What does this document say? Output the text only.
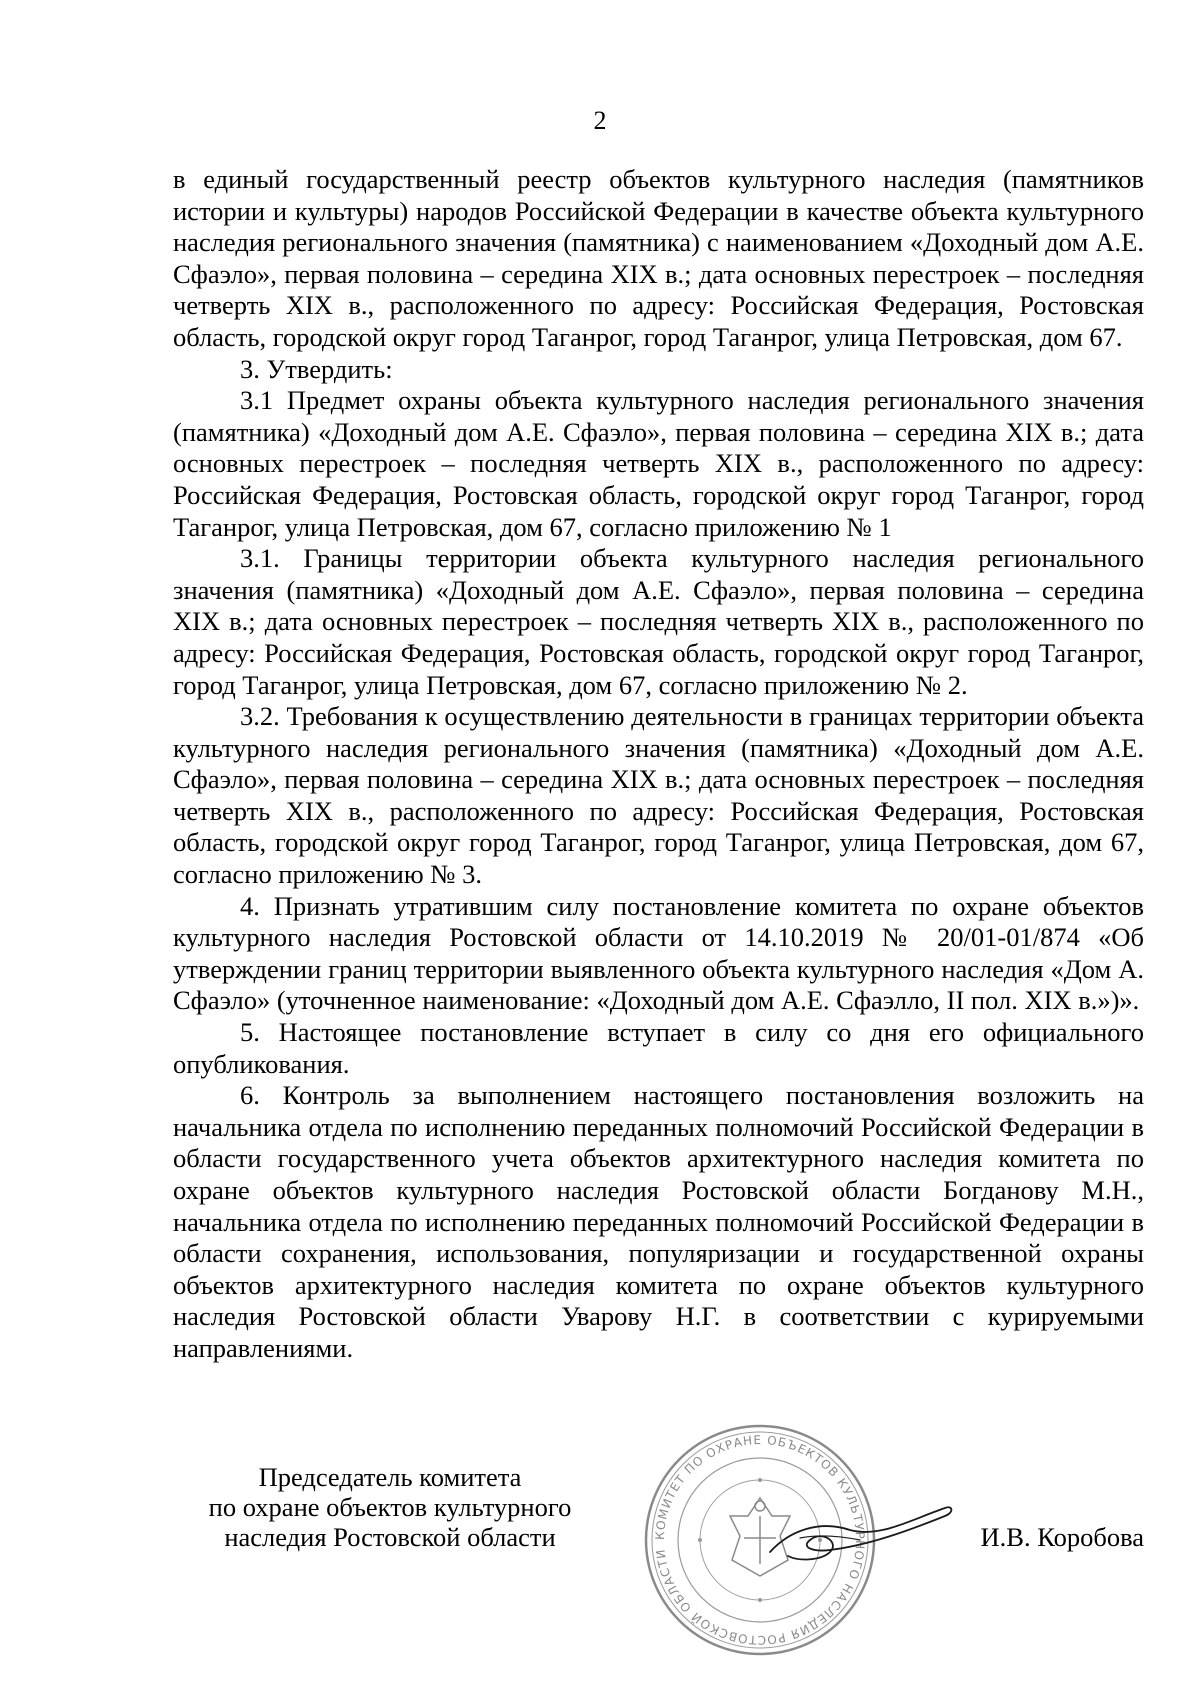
2

в единый государственный реестр объектов культурного наследия (памятников истории и культуры) народов Российской Федерации в качестве объекта культурного наследия регионального значения (памятника) с наименованием «Доходный дом А.Е. Сфаэло», первая половина – середина XIX в.; дата основных перестроек – последняя четверть XIX в., расположенного по адресу: Российская Федерация, Ростовская область, городской округ город Таганрог, город Таганрог, улица Петровская, дом 67.

3. Утвердить:

3.1 Предмет охраны объекта культурного наследия регионального значения (памятника) «Доходный дом А.Е. Сфаэло», первая половина – середина XIX в.; дата основных перестроек – последняя четверть XIX в., расположенного по адресу: Российская Федерация, Ростовская область, городской округ город Таганрог, город Таганрог, улица Петровская, дом 67, согласно приложению № 1

3.1. Границы территории объекта культурного наследия регионального значения (памятника) «Доходный дом А.Е. Сфаэло», первая половина – середина XIX в.; дата основных перестроек – последняя четверть XIX в., расположенного по адресу: Российская Федерация, Ростовская область, городской округ город Таганрог, город Таганрог, улица Петровская, дом 67, согласно приложению № 2.

3.2. Требования к осуществлению деятельности в границах территории объекта культурного наследия регионального значения (памятника) «Доходный дом А.Е. Сфаэло», первая половина – середина XIX в.; дата основных перестроек – последняя четверть XIX в., расположенного по адресу: Российская Федерация, Ростовская область, городской округ город Таганрог, город Таганрог, улица Петровская, дом 67, согласно приложению № 3.

4. Признать утратившим силу постановление комитета по охране объектов культурного наследия Ростовской области от 14.10.2019 № 20/01-01/874 «Об утверждении границ территории выявленного объекта культурного наследия «Дом А. Сфаэло» (уточненное наименование: «Доходный дом А.Е. Сфаэлло, II пол. XIX в.»)».

5. Настоящее постановление вступает в силу со дня его официального опубликования.

6. Контроль за выполнением настоящего постановления возложить на начальника отдела по исполнению переданных полномочий Российской Федерации в области государственного учета объектов архитектурного наследия комитета по охране объектов культурного наследия Ростовской области Богданову М.Н., начальника отдела по исполнению переданных полномочий Российской Федерации в области сохранения, использования, популяризации и государственной охраны объектов архитектурного наследия комитета по охране объектов культурного наследия Ростовской области Уварову Н.Г. в соответствии с курируемыми направлениями.

Председатель комитета
по охране объектов культурного
наследия Ростовской области	КОМИТЕТ ПО ОХРАНЕ ОБЪЕКТОВ КУЛЬТУРНОГО НАСЛЕДИЯ РОСТОВСКОЙ ОБЛАСТИ
И.В. Коробова
